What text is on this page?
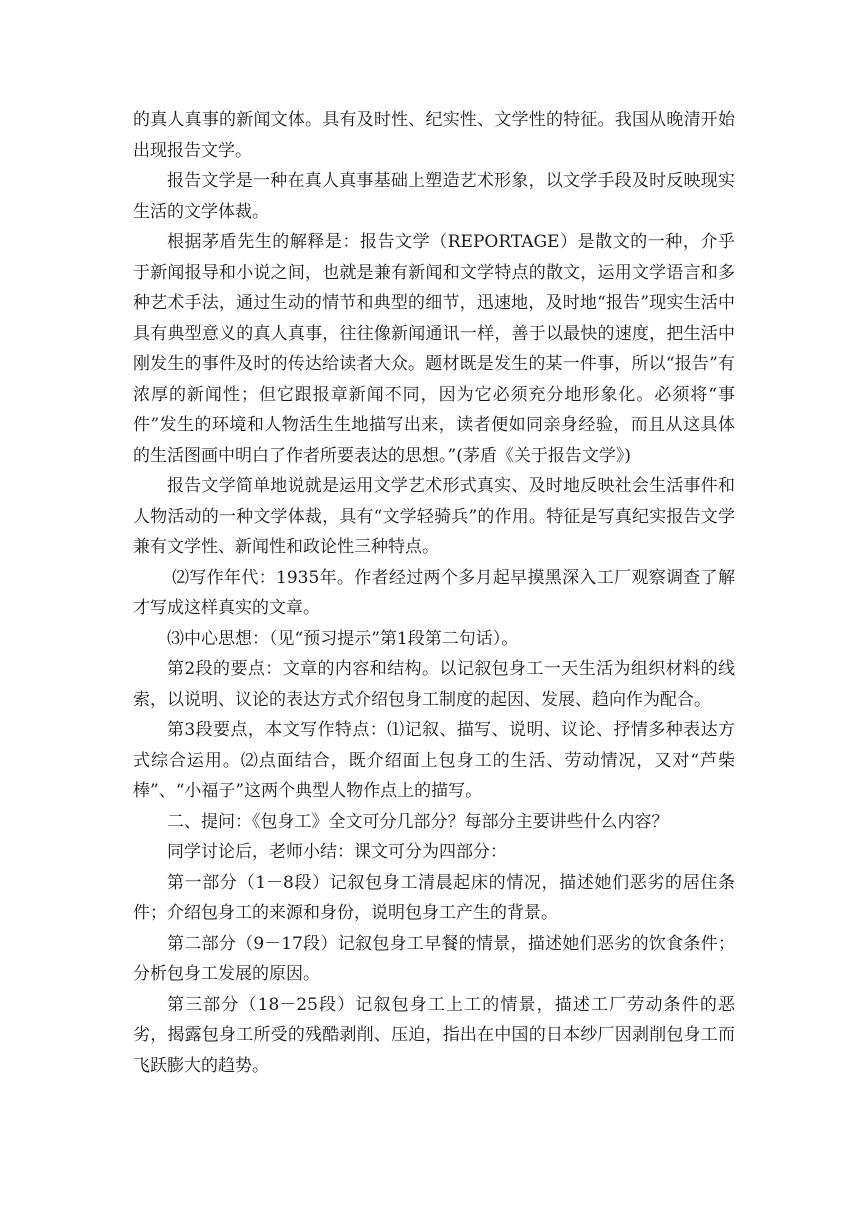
的真人真事的新闻文体。具有及时性、纪实性、文学性的特征。我国从晚清开始出现报告文学。

报告文学是一种在真人真事基础上塑造艺术形象，以文学手段及时反映现实生活的文学体裁。

根据茅盾先生的解释是：报告文学（REPORTAGE）是散文的一种，介乎于新闻报导和小说之间，也就是兼有新闻和文学特点的散文，运用文学语言和多种艺术手法，通过生动的情节和典型的细节，迅速地，及时地“报告”现实生活中具有典型意义的真人真事，往往像新闻通讯一样，善于以最快的速度，把生活中刚发生的事件及时的传达给读者大众。题材既是发生的某一件事，所以“报告”有浓厚的新闻性；但它跟报章新闻不同，因为它必须充分地形象化。必须将“事件”发生的环境和人物活生生地描写出来，读者便如同亲身经验，而且从这具体的生活图画中明白了作者所要表达的思想。”(茅盾《关于报告文学》)

报告文学简单地说就是运用文学艺术形式真实、及时地反映社会生活事件和人物活动的一种文学体裁，具有“文学轻骑兵”的作用。特征是写真纪实报告文学兼有文学性、新闻性和政论性三种特点。

⑵写作年代：1935年。作者经过两个多月起早摸黑深入工厂观察调查了解才写成这样真实的文章。

⑶中心思想：（见“预习提示”第1段第二句话）。

第2段的要点：文章的内容和结构。以记叙包身工一天生活为组织材料的线索，以说明、议论的表达方式介绍包身工制度的起因、发展、趋向作为配合。

第3段要点，本文写作特点：⑴记叙、描写、说明、议论、抒情多种表达方式综合运用。⑵点面结合，既介绍面上包身工的生活、劳动情况，又对“芦柴棒”、“小福子”这两个典型人物作点上的描写。

二、提问：《包身工》全文可分几部分？每部分主要讲些什么内容？

同学讨论后，老师小结：课文可分为四部分：

第一部分（1－8段）记叙包身工清晨起床的情况，描述她们恶劣的居住条件；介绍包身工的来源和身份，说明包身工产生的背景。

第二部分（9－17段）记叙包身工早餐的情景，描述她们恶劣的饮食条件；分析包身工发展的原因。

第三部分（18－25段）记叙包身工上工的情景，描述工厂劳动条件的恶劣，揭露包身工所受的残酷剥削、压迫，指出在中国的日本纱厂因剥削包身工而飞跃膨大的趋势。
